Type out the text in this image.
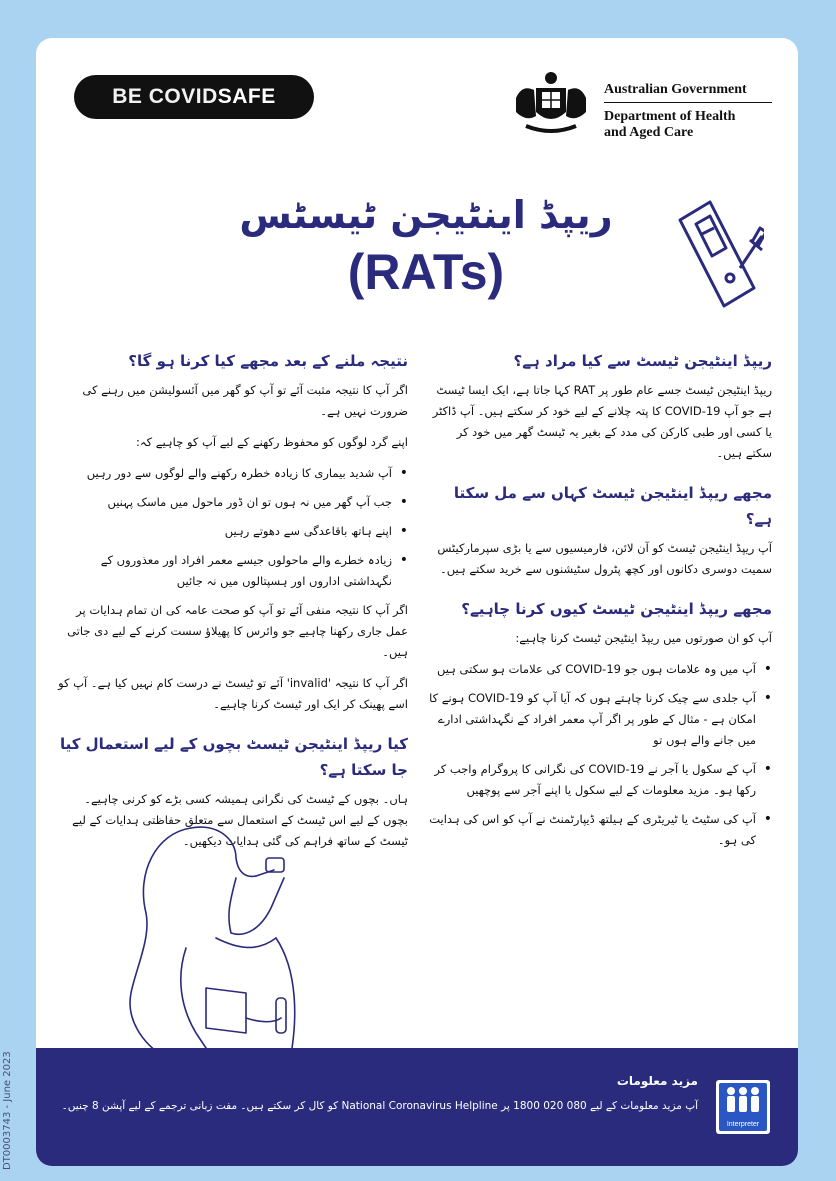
DT0003743 - June 2023
BE COVID SAFE	Australian Government
Department of Health
and Aged Care
ریپڈ اینٹیجن ٹیسٹس
(RATs)
ریپڈ اینٹیجن ٹیسٹ سے کیا مراد ہے؟

ریپڈ اینٹیجن ٹیسٹ جسے عام طور پر RAT کہا جاتا ہے، ایک ایسا ٹیسٹ ہے جو آپ COVID-19 کا پتہ چلانے کے لیے خود کر سکتے ہیں۔ آپ ڈاکٹر یا کسی اور طبی کارکن کی مدد کے بغیر یہ ٹیسٹ گھر میں خود کر سکتے ہیں۔

مجھے ریپڈ اینٹیجن ٹیسٹ کہاں سے مل سکتا ہے؟

آپ ریپڈ اینٹیجن ٹیسٹ کو آن لائن، فارمیسیوں سے یا بڑی سپرمارکیٹس سمیت دوسری دکانوں اور کچھ پٹرول سٹیشنوں سے خرید سکتے ہیں۔

مجھے ریپڈ اینٹیجن ٹیسٹ کیوں کرنا چاہیے؟

آپ کو ان صورتوں میں ریپڈ اینٹیجن ٹیسٹ کرنا چاہیے:

• آپ میں وہ علامات ہوں جو COVID-19 کی علامات ہو سکتی ہیں
• آپ جلدی سے چیک کرنا چاہتے ہوں کہ آیا آپ کو COVID-19 ہونے کا امکان ہے - مثال کے طور پر اگر آپ معمر افراد کے نگہداشتی ادارے میں جانے والے ہوں تو
• آپ کے سکول یا آجر نے COVID-19 کی نگرانی کا پروگرام واجب کر رکھا ہو۔ مزید معلومات کے لیے سکول یا اپنے آجر سے پوچھیں
• آپ کی سٹیٹ یا ٹیریٹری کے ہیلتھ ڈیپارٹمنٹ نے آپ کو اس کی ہدایت کی ہو۔
نتیجہ ملنے کے بعد مجھے کیا کرنا ہو گا؟

اگر آپ کا نتیجہ مثبت آئے تو آپ کو گھر میں آئسولیشن میں رہنے کی ضرورت نہیں ہے۔

اپنے گرد لوگوں کو محفوظ رکھنے کے لیے آپ کو چاہیے کہ:

• آپ شدید بیماری کا زیادہ خطرہ رکھنے والے لوگوں سے دور رہیں
• جب آپ گھر میں نہ ہوں تو ان ڈور ماحول میں ماسک پہنیں
• اپنے ہاتھ باقاعدگی سے دھوتے رہیں
• زیادہ خطرے والے ماحولوں جیسے معمر افراد اور معذوروں کے نگہداشتی اداروں اور ہسپتالوں میں نہ جائیں

اگر آپ کا نتیجہ منفی آئے تو آپ کو صحت عامہ کی ان تمام ہدایات پر عمل جاری رکھنا چاہیے جو وائرس کا پھیلاؤ سست کرنے کے لیے دی جاتی ہیں۔

اگر آپ کا نتیجہ 'invalid' آئے تو ٹیسٹ نے درست کام نہیں کیا ہے۔ آپ کو اسے پھینک کر ایک اور ٹیسٹ کرنا چاہیے۔

کیا ریپڈ اینٹیجن ٹیسٹ بچوں کے لیے استعمال کیا جا سکتا ہے؟

ہاں۔ بچوں کے ٹیسٹ کی نگرانی ہمیشہ کسی بڑے کو کرنی چاہیے۔ بچوں کے لیے اس ٹیسٹ کے استعمال سے متعلق حفاظتی ہدایات کے لیے ٹیسٹ کے ساتھ فراہم کی گئی ہدایات دیکھیں۔

مزید معلومات
آپ مزید معلومات کے لیے 080 020 1800 پر National Coronavirus Helpline کو کال کر سکتے ہیں۔ مفت زبانی ترجمے کے لیے آپشن 8 چنیں۔
Interpreter
